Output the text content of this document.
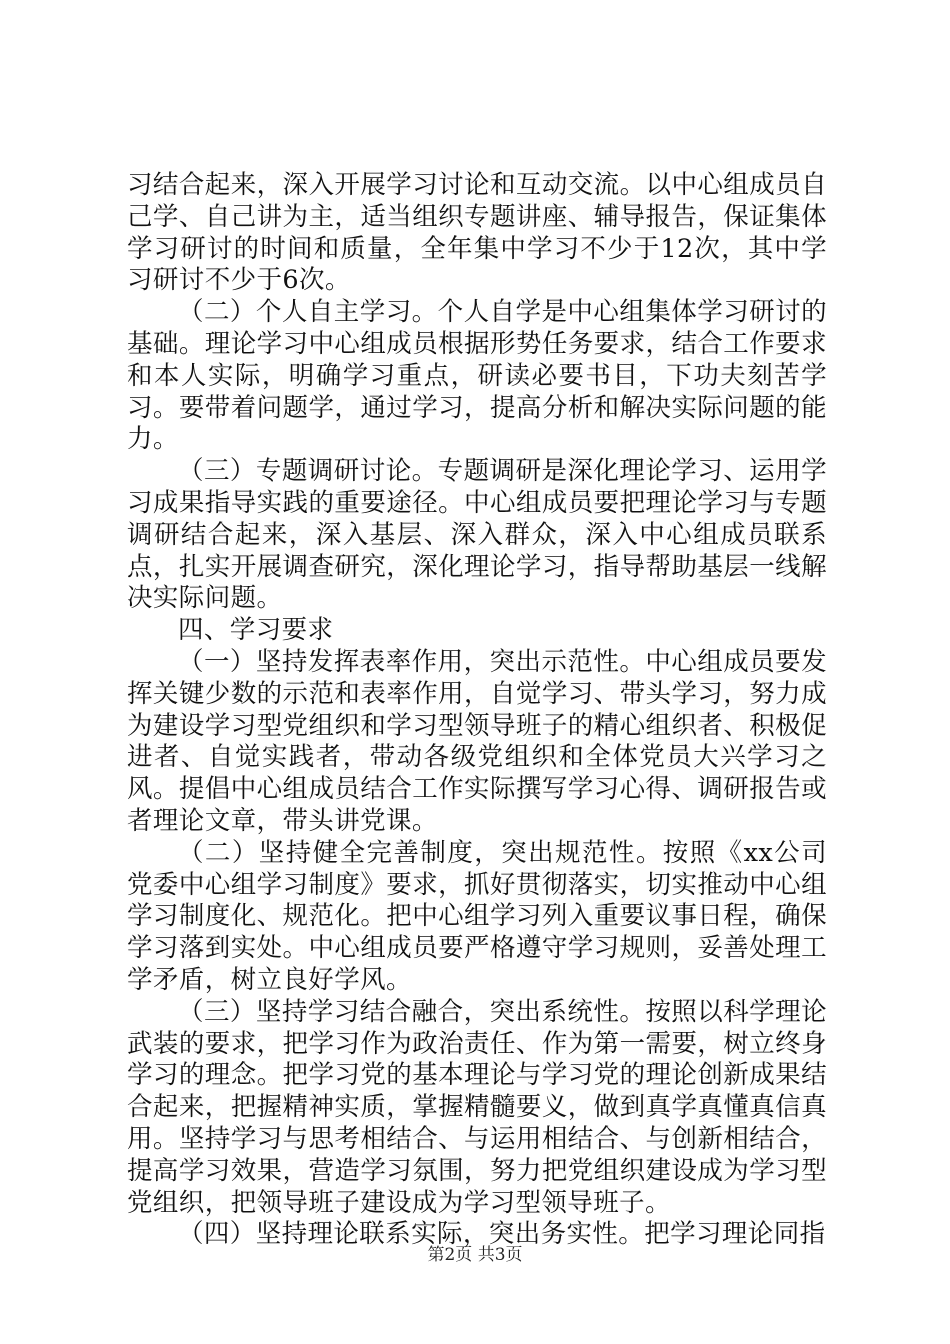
习结合起来，深入开展学习讨论和互动交流。以中心组成员自己学、自己讲为主，适当组织专题讲座、辅导报告，保证集体学习研讨的时间和质量，全年集中学习不少于12次，其中学习研讨不少于6次。

（二）个人自主学习。个人自学是中心组集体学习研讨的基础。理论学习中心组成员根据形势任务要求，结合工作要求和本人实际，明确学习重点，研读必要书目，下功夫刻苦学习。要带着问题学，通过学习，提高分析和解决实际问题的能力。

（三）专题调研讨论。专题调研是深化理论学习、运用学习成果指导实践的重要途径。中心组成员要把理论学习与专题调研结合起来，深入基层、深入群众，深入中心组成员联系点，扎实开展调查研究，深化理论学习，指导帮助基层一线解决实际问题。

四、学习要求

（一）坚持发挥表率作用，突出示范性。中心组成员要发挥关键少数的示范和表率作用，自觉学习、带头学习，努力成为建设学习型党组织和学习型领导班子的精心组织者、积极促进者、自觉实践者，带动各级党组织和全体党员大兴学习之风。提倡中心组成员结合工作实际撰写学习心得、调研报告或者理论文章，带头讲党课。

（二）坚持健全完善制度，突出规范性。按照《xx公司党委中心组学习制度》要求，抓好贯彻落实，切实推动中心组学习制度化、规范化。把中心组学习列入重要议事日程，确保学习落到实处。中心组成员要严格遵守学习规则，妥善处理工学矛盾，树立良好学风。

（三）坚持学习结合融合，突出系统性。按照以科学理论武装的要求，把学习作为政治责任、作为第一需要，树立终身学习的理念。把学习党的基本理论与学习党的理论创新成果结合起来，把握精神实质，掌握精髓要义，做到真学真懂真信真用。坚持学习与思考相结合、与运用相结合、与创新相结合，提高学习效果，营造学习氛围，努力把党组织建设成为学习型党组织，把领导班子建设成为学习型领导班子。

（四）坚持理论联系实际，突出务实性。把学习理论同指

第2页 共3页
